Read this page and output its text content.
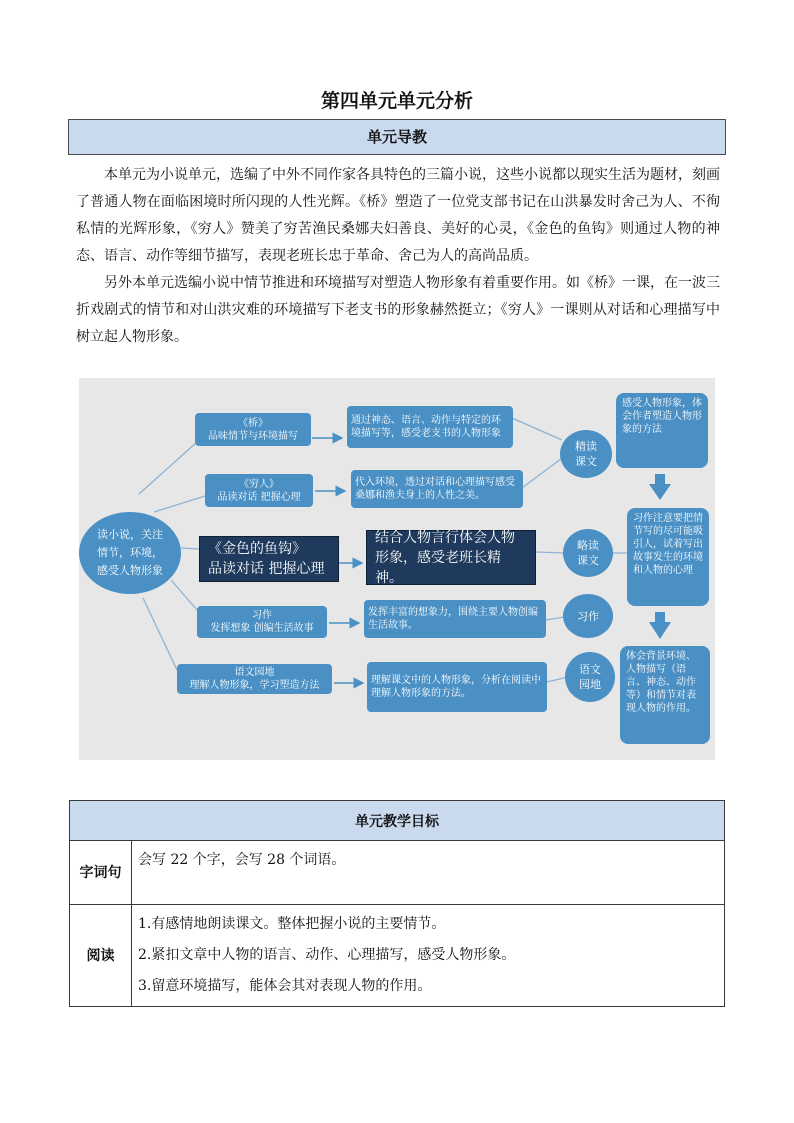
第四单元单元分析
单元导教

本单元为小说单元，选编了中外不同作家各具特色的三篇小说，这些小说都以现实生活为题材，刻画了普通人物在面临困境时所闪现的人性光辉。《桥》塑造了一位党支部书记在山洪暴发时舍己为人、不徇私情的光辉形象，《穷人》赞美了穷苦渔民桑娜夫妇善良、美好的心灵，《金色的鱼钩》则通过人物的神态、语言、动作等细节描写，表现老班长忠于革命、舍己为人的高尚品质。

另外本单元选编小说中情节推进和环境描写对塑造人物形象有着重要作用。如《桥》一课，在一波三折戏剧式的情节和对山洪灾难的环境描写下老支书的形象赫然挺立；《穷人》一课则从对话和心理描写中树立起人物形象。

读小说，关注
情节，环境，
感受人物形象
《桥》
品味情节与环境描写
《穷人》
品读对话 把握心理
《金色的鱼钩》
品读对话 把握心理
习作
发挥想象 创编生活故事
语文园地
理解人物形象，学习塑造方法
通过神态、语言、动作与特定的环境描写等，感受老支书的人物形象
代入环境，透过对话和心理描写感受桑娜和渔夫身上的人性之美。
结合人物言行体会人物形象，感受老班长精神。
发挥丰富的想象力，围绕主要人物创编生活故事。
理解课文中的人物形象，分析在阅读中理解人物形象的方法。
精读
课文
略读
课文
习作
语文
园地
感受人物形象，体会作者塑造人物形象的方法
习作注意要把情节写的尽可能吸引人，试着写出故事发生的环境和人物的心理
体会背景环境、人物描写（语言、神态、动作等）和情节对表现人物的作用。
单元教学目标	
字词句	会写 22 个字，会写 28 个词语。

阅读	1.有感情地朗读课文。整体把握小说的主要情节。
2.紧扣文章中人物的语言、动作、心理描写，感受人物形象。
3.留意环境描写，能体会其对表现人物的作用。
